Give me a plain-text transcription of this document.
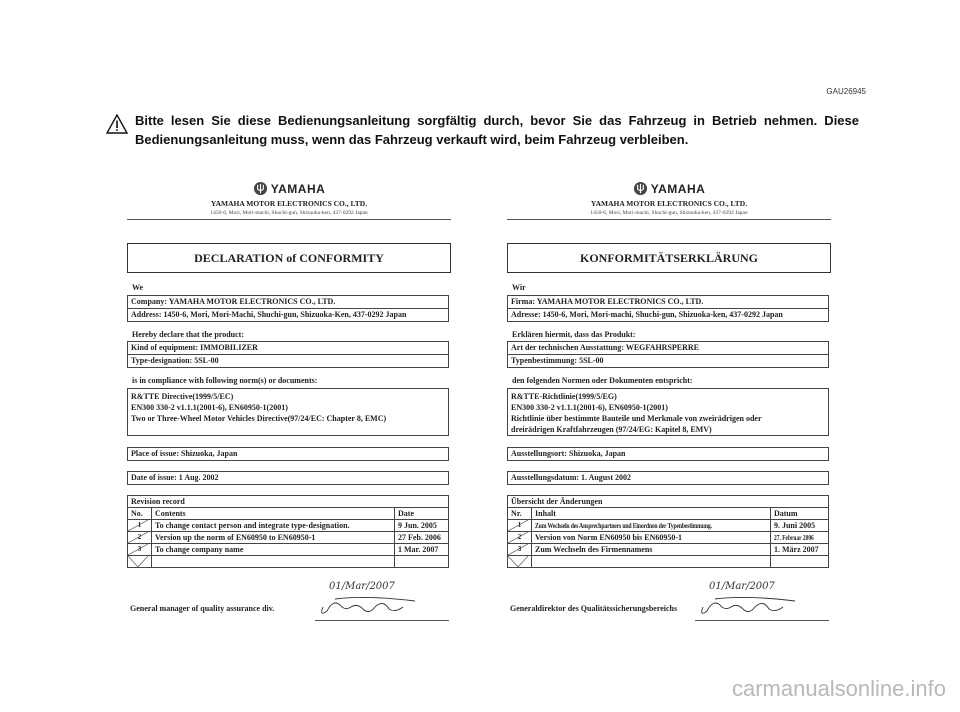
GAU26945
Bitte lesen Sie diese Bedienungsanleitung sorgfältig durch, bevor Sie das Fahrzeug in Betrieb nehmen. Diese Bedienungsanleitung muss, wenn das Fahrzeug verkauft wird, beim Fahrzeug verbleiben.
YAMAHA
YAMAHA MOTOR ELECTRONICS CO., LTD.
1450-6, Mori, Mori-machi, Shuchi-gun, Shizuoka-ken, 437-0292 Japan
DECLARATION of CONFORMITY
We
Company: YAMAHA MOTOR ELECTRONICS CO., LTD.
Address: 1450-6, Mori, Mori-Machi, Shuchi-gun, Shizuoka-Ken, 437-0292 Japan
Hereby declare that the product:
Kind of equipment: IMMOBILIZER
Type-designation: 5SL-00
is in compliance with following norm(s) or documents:
R&TTE Directive(1999/5/EC)
EN300 330-2 v1.1.1(2001-6), EN60950-1(2001)
Two or Three-Wheel Motor Vehicles Directive(97/24/EC: Chapter 8, EMC)
Place of issue: Shizuoka, Japan
Date of issue: 1 Aug. 2002
Revision record		
No.	Contents	Date

1	To change contact person and integrate type-designation.	9 Jun. 2005

2	Version up the norm of EN60950 to EN60950-1	27 Feb. 2006

3	To change company name	1 Mar. 2007

01/Mar/2007
General manager of quality assurance div.
YAMAHA
YAMAHA MOTOR ELECTRONICS CO., LTD.
1450-6, Mori, Mori-machi, Shuchi-gun, Shizuoka-ken, 437-0292 Japan
KONFORMITÄTSERKLÄRUNG
Wir
Firma: YAMAHA MOTOR ELECTRONICS CO., LTD.
Adresse: 1450-6, Mori, Mori-machi, Shuchi-gun, Shizuoka-ken, 437-0292 Japan
Erklären hiermit, dass das Produkt:
Art der technischen Ausstattung: WEGFAHRSPERRE
Typenbestimmung: 5SL-00
den folgenden Normen oder Dokumenten entspricht:
R&TTE-Richtlinie(1999/5/EG)
EN300 330-2 v1.1.1(2001-6), EN60950-1(2001)
Richtlinie über bestimmte Bauteile und Merkmale von zweirädrigen oder
dreirädrigen Kraftfahrzeugen (97/24/EG: Kapitel 8, EMV)
Ausstellungsort: Shizuoka, Japan
Ausstellungsdatum: 1. August 2002
Übersicht der Änderungen		
Nr.	Inhalt	Datum

1	Zum Wechseln des Ansprechpartners und Einordnen der Typenbestimmung.	9. Juni 2005

2	Version von Norm EN60950 bis EN60950-1	27. Februar 2006

3	Zum Wechseln des Firmennamens	1. März 2007

01/Mar/2007
Generaldirektor des Qualitätssicherungsbereichs
carmanualsonline.info
